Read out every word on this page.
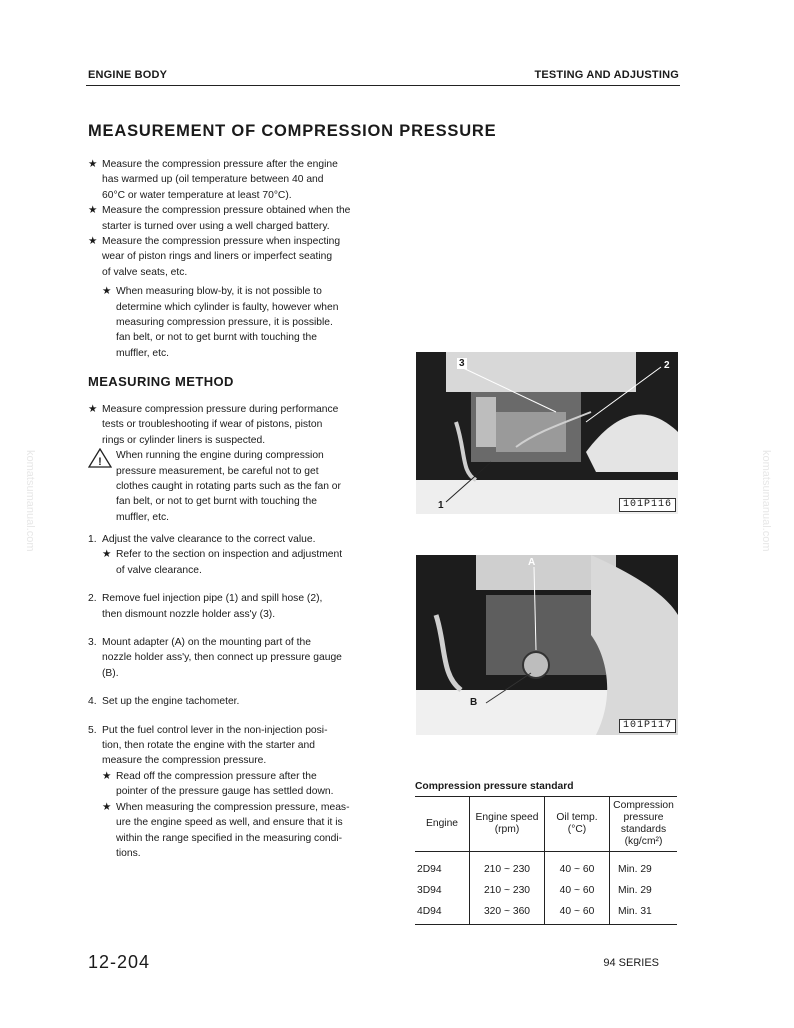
ENGINE BODY	TESTING AND ADJUSTING
MEASUREMENT OF COMPRESSION PRESSURE
★ Measure the compression pressure after the engine
has warmed up (oil temperature between 40 and
60°C or water temperature at least 70°C).
★ Measure the compression pressure obtained when the
starter is turned over using a well charged battery.
★ Measure the compression pressure when inspecting
wear of piston rings and liners or imperfect seating
of valve seats, etc.
★ When measuring blow-by, it is not possible to
determine which cylinder is faulty, however when
measuring compression pressure, it is possible.
fan belt, or not to get burnt with touching the
muffler, etc.
MEASURING METHOD
★ Measure compression pressure during performance
tests or troubleshooting if wear of pistons, piston
rings or cylinder liners is suspected.
!
When running the engine during compression
pressure measurement, be careful not to get
clothes caught in rotating parts such as the fan or
fan belt, or not to get burnt with touching the
muffler, etc.
1. Adjust the valve clearance to the correct value.
★ Refer to the section on inspection and adjustment
of valve clearance.
2. Remove fuel injection pipe (1) and spill hose (2),
then dismount nozzle holder ass'y (3).
3. Mount adapter (A) on the mounting part of the
nozzle holder ass'y, then connect up pressure gauge
(B).
4. Set up the engine tachometer.
5. Put the fuel control lever in the non-injection posi-
tion, then rotate the engine with the starter and
measure the compression pressure.
★ Read off the compression pressure after the
pointer of the pressure gauge has settled down.
★ When measuring the compression pressure, meas-
ure the engine speed as well, and ensure that it is
within the range specified in the measuring condi-
tions.
3	2
1	101P116
A
B
101P117
Compression pressure standard
Engine	Engine speed (rpm)	Oil temp. (°C)	Compression pressure standards (kg/cm²)
2D94	210 ~ 230	40 ~ 60	Min. 29
3D94	210 ~ 230	40 ~ 60	Min. 29
4D94	320 ~ 360	40 ~ 60	Min. 31
12-204	94 SERIES
komatsumanual.com	komatsumanual.com
